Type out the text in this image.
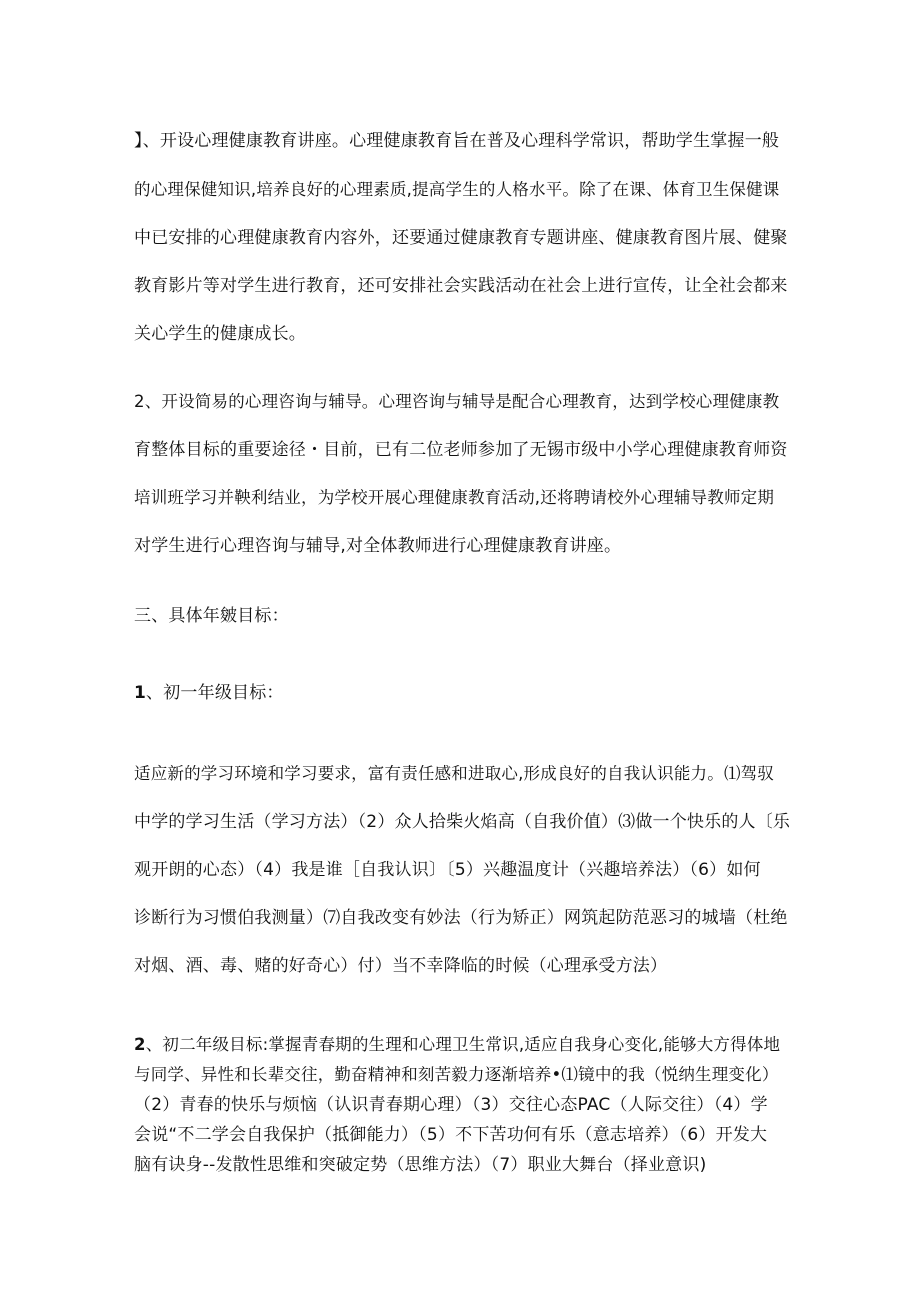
】、开设心理健康教育讲座。心理健康教育旨在普及心理科学常识，帮助学生掌握一般

的心理保健知识,培养良好的心理素质,提高学生的人格水平。除了在课、体育卫生保健课

中已安排的心理健康教育内容外，还要通过健康教育专题讲座、健康教育图片展、健聚

教育影片等对学生进行教育，还可安排社会实践活动在社会上进行宣传，让全社会都来

关心学生的健康成长。

2、开设简易的心理咨询与辅导。心理咨询与辅导是配合心理教育，达到学校心理健康教

育整体目标的重要途径・目前，已有二位老师参加了无锡市级中小学心理健康教育师资

培训班学习并鞅利结业，为学校开展心理健康教育活动,还将聘请校外心理辅导教师定期

对学生进行心理咨询与辅导,对全体教师进行心理健康教育讲座。

三、具体年皴目标：

1、初一年级目标：

适应新的学习环境和学习要求，富有责任感和进取心,形成良好的自我认识能力。⑴驾驭

中学的学习生活（学习方法）（2）众人拾柴火焰高（自我价值）⑶做一个快乐的人〔乐

观开朗的心态）（4）我是谁［自我认识〕〔5）兴趣温度计（兴趣培养法）（6）如何

诊断行为习惯伯我测量）⑺自我改变有妙法（行为矫正）网筑起防范恶习的城墙（杜绝

对烟、酒、毒、赌的好奇心）付）当不幸降临的时候（心理承受方法）

2、初二年级目标:掌握青春期的生理和心理卫生常识,适应自我身心变化,能够大方得体地

与同学、异性和长辈交往，勤奋精神和刻苦毅力逐渐培养•⑴镜中的我（悦纳生理变化）

（2）青春的快乐与烦恼（认识青春期心理）（3）交往心态PAC（人际交往）（4）学

会说“不二学会自我保护（抵御能力）（5）不下苦功何有乐（意志培养）（6）开发大

脑有诀身--发散性思维和突破定势（思维方法）（7）职业大舞台（择业意识)
